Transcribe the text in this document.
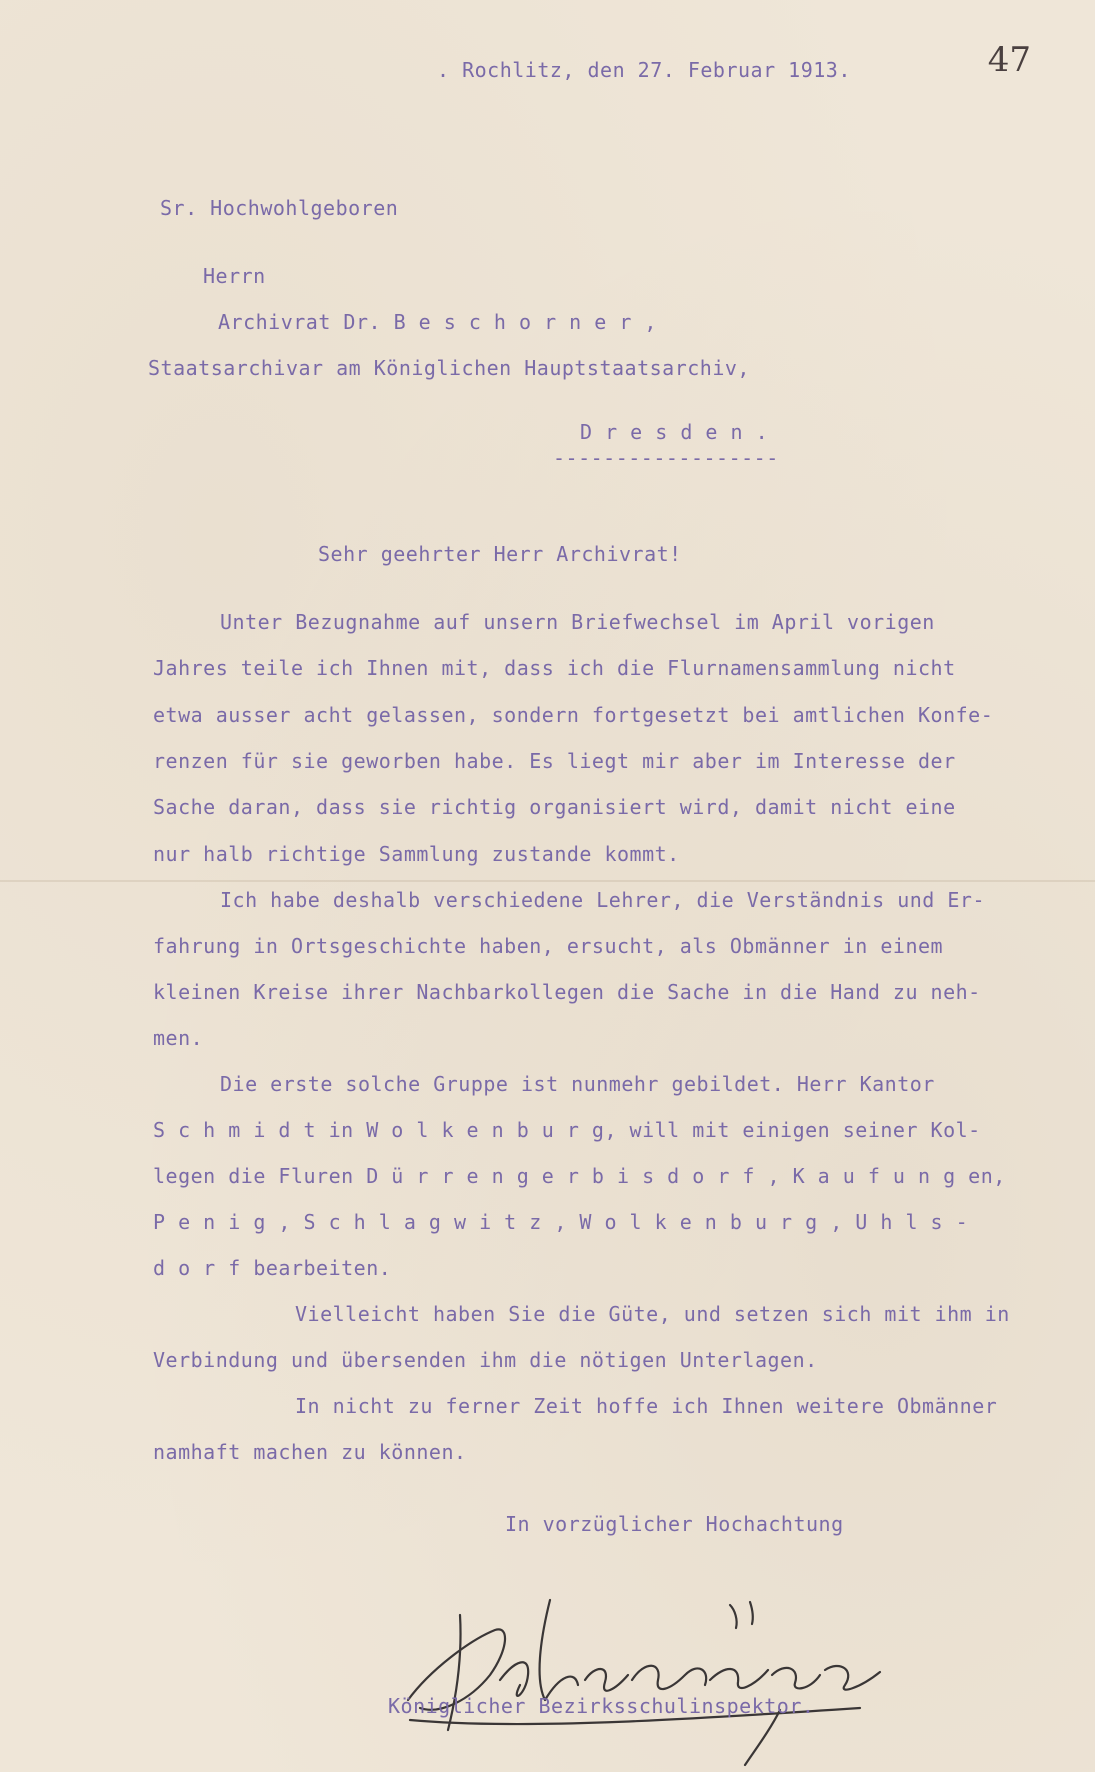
47
. Rochlitz, den 27. Februar 1913.
Sr. Hochwohlgeboren
Herrn
Archivrat Dr. B e s c h o r n e r ,
Staatsarchivar am Königlichen Hauptstaatsarchiv,
D r e s d e n .
------------------
Sehr geehrter Herr Archivrat!
Unter Bezugnahme auf unsern Briefwechsel im April vorigen
Jahres teile ich Ihnen mit, dass ich die Flurnamensammlung nicht
etwa ausser acht gelassen, sondern fortgesetzt bei amtlichen Konfe-
renzen für sie geworben habe. Es liegt mir aber im Interesse der
Sache daran, dass sie richtig organisiert wird, damit nicht eine
nur halb richtige Sammlung zustande kommt.
Ich habe deshalb verschiedene Lehrer, die Verständnis und Er-
fahrung in Ortsgeschichte haben, ersucht, als Obmänner in einem
kleinen Kreise ihrer Nachbarkollegen die Sache in die Hand zu neh-
men.
Die erste solche Gruppe ist nunmehr gebildet. Herr Kantor
S c h m i d t in W o l k e n b u r g, will mit einigen seiner Kol-
legen die Fluren D ü r r e n g e r b i s d o r f , K a u f u n g en,
P e n i g , S c h l a g w i t z , W o l k e n b u r g , U h l s -
d o r f bearbeiten.
Vielleicht haben Sie die Güte, und setzen sich mit ihm in
Verbindung und übersenden ihm die nötigen Unterlagen.
In nicht zu ferner Zeit hoffe ich Ihnen weitere Obmänner
namhaft machen zu können.
In vorzüglicher Hochachtung
Königlicher Bezirksschulinspektor.
